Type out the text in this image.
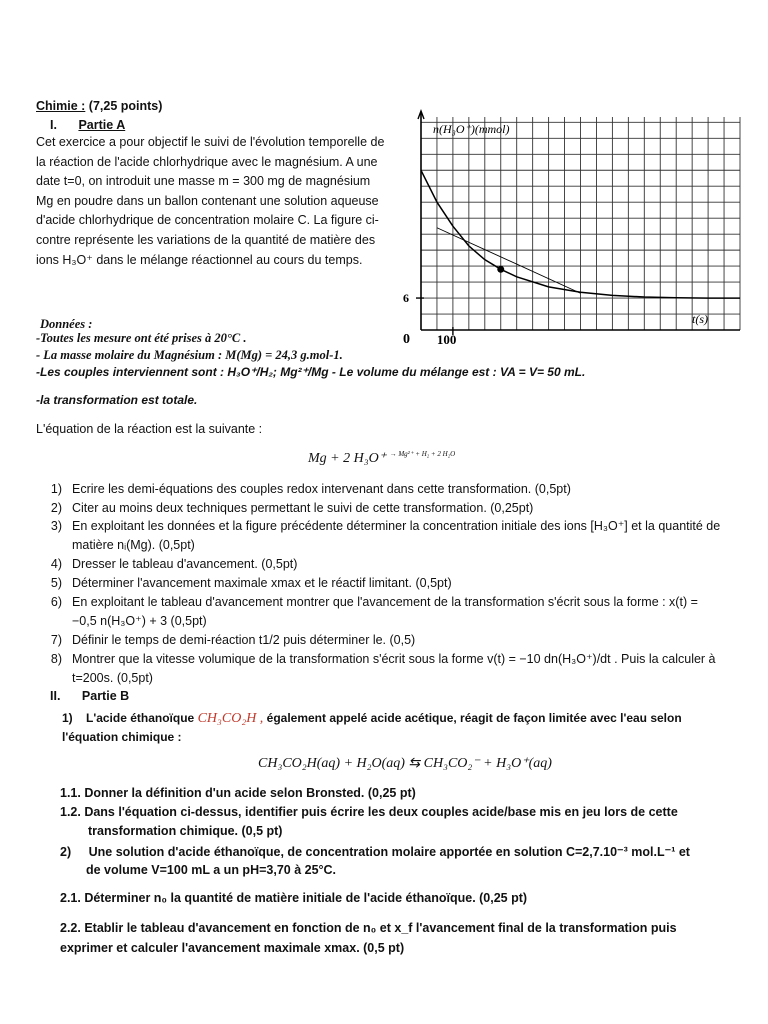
Chimie : (7,25 points)
I. Partie A
Cet exercice a pour objectif le suivi de l'évolution temporelle de la réaction de l'acide chlorhydrique avec le magnésium. A une date t=0, on introduit une masse m = 300 mg de magnésium Mg en poudre dans un ballon contenant une solution aqueuse d'acide chlorhydrique de concentration molaire C. La figure ci-contre représente les variations de la quantité de matière des ions H₃O⁺ dans le mélange réactionnel au cours du temps.
n(H₃O⁺)(mmol)
t(s)
6
0 100
Données :
-Toutes les mesure ont été prises à 20°C .
- La masse molaire du Magnésium : M(Mg) = 24,3 g.mol-1.
-Les couples interviennent sont : H₃O⁺/H₂; Mg²⁺/Mg - Le volume du mélange est : VA = V= 50 mL.
-la transformation est totale.
L'équation de la réaction est la suivante :
Mg + 2 H₃O⁺ $^{\to Mg^{2+} + H_2 + 2 H_2O}$
1) Ecrire les demi-équations des couples redox intervenant dans cette transformation. (0,5pt)
2) Citer au moins deux techniques permettant le suivi de cette transformation. (0,25pt)
3) En exploitant les données et la figure précédente déterminer la concentration initiale des ions [H₃O⁺] et la quantité de matière nᵢ(Mg). (0,5pt)
4) Dresser le tableau d'avancement. (0,5pt)
5) Déterminer l'avancement maximale xmax et le réactif limitant. (0,5pt)
6) En exploitant le tableau d'avancement montrer que l'avancement de la transformation s'écrit sous la forme : x(t) = −0,5 n(H₃O⁺) + 3 (0,5pt)
7) Définir le temps de demi-réaction t1/2 puis déterminer le. (0,5)
8) Montrer que la vitesse volumique de la transformation s'écrit sous la forme v(t) = −10 dn(H₃O⁺)/dt . Puis la calculer à t=200s. (0,5pt)
II. Partie B
1) L'acide éthanoïque CH₃CO₂H , également appelé acide acétique, réagit de façon limitée avec l'eau selon l'équation chimique :
CH₃CO₂H(aq) + H₂O(aq) ⇆ CH₃CO₂⁻ + H₃O⁺(aq)
1.1. Donner la définition d'un acide selon Bronsted. (0,25 pt)
1.2. Dans l'équation ci-dessus, identifier puis écrire les deux couples acide/base mis en jeu lors de cette
transformation chimique. (0,5 pt)
2) Une solution d'acide éthanoïque, de concentration molaire apportée en solution C=2,7.10⁻³ mol.L⁻¹ et
de volume V=100 mL a un pH=3,70 à 25°C.
2.1. Déterminer n₀ la quantité de matière initiale de l'acide éthanoïque. (0,25 pt)
2.2. Etablir le tableau d'avancement en fonction de n₀ et x_f l'avancement final de la transformation puis
exprimer et calculer l'avancement maximale xmax. (0,5 pt)
